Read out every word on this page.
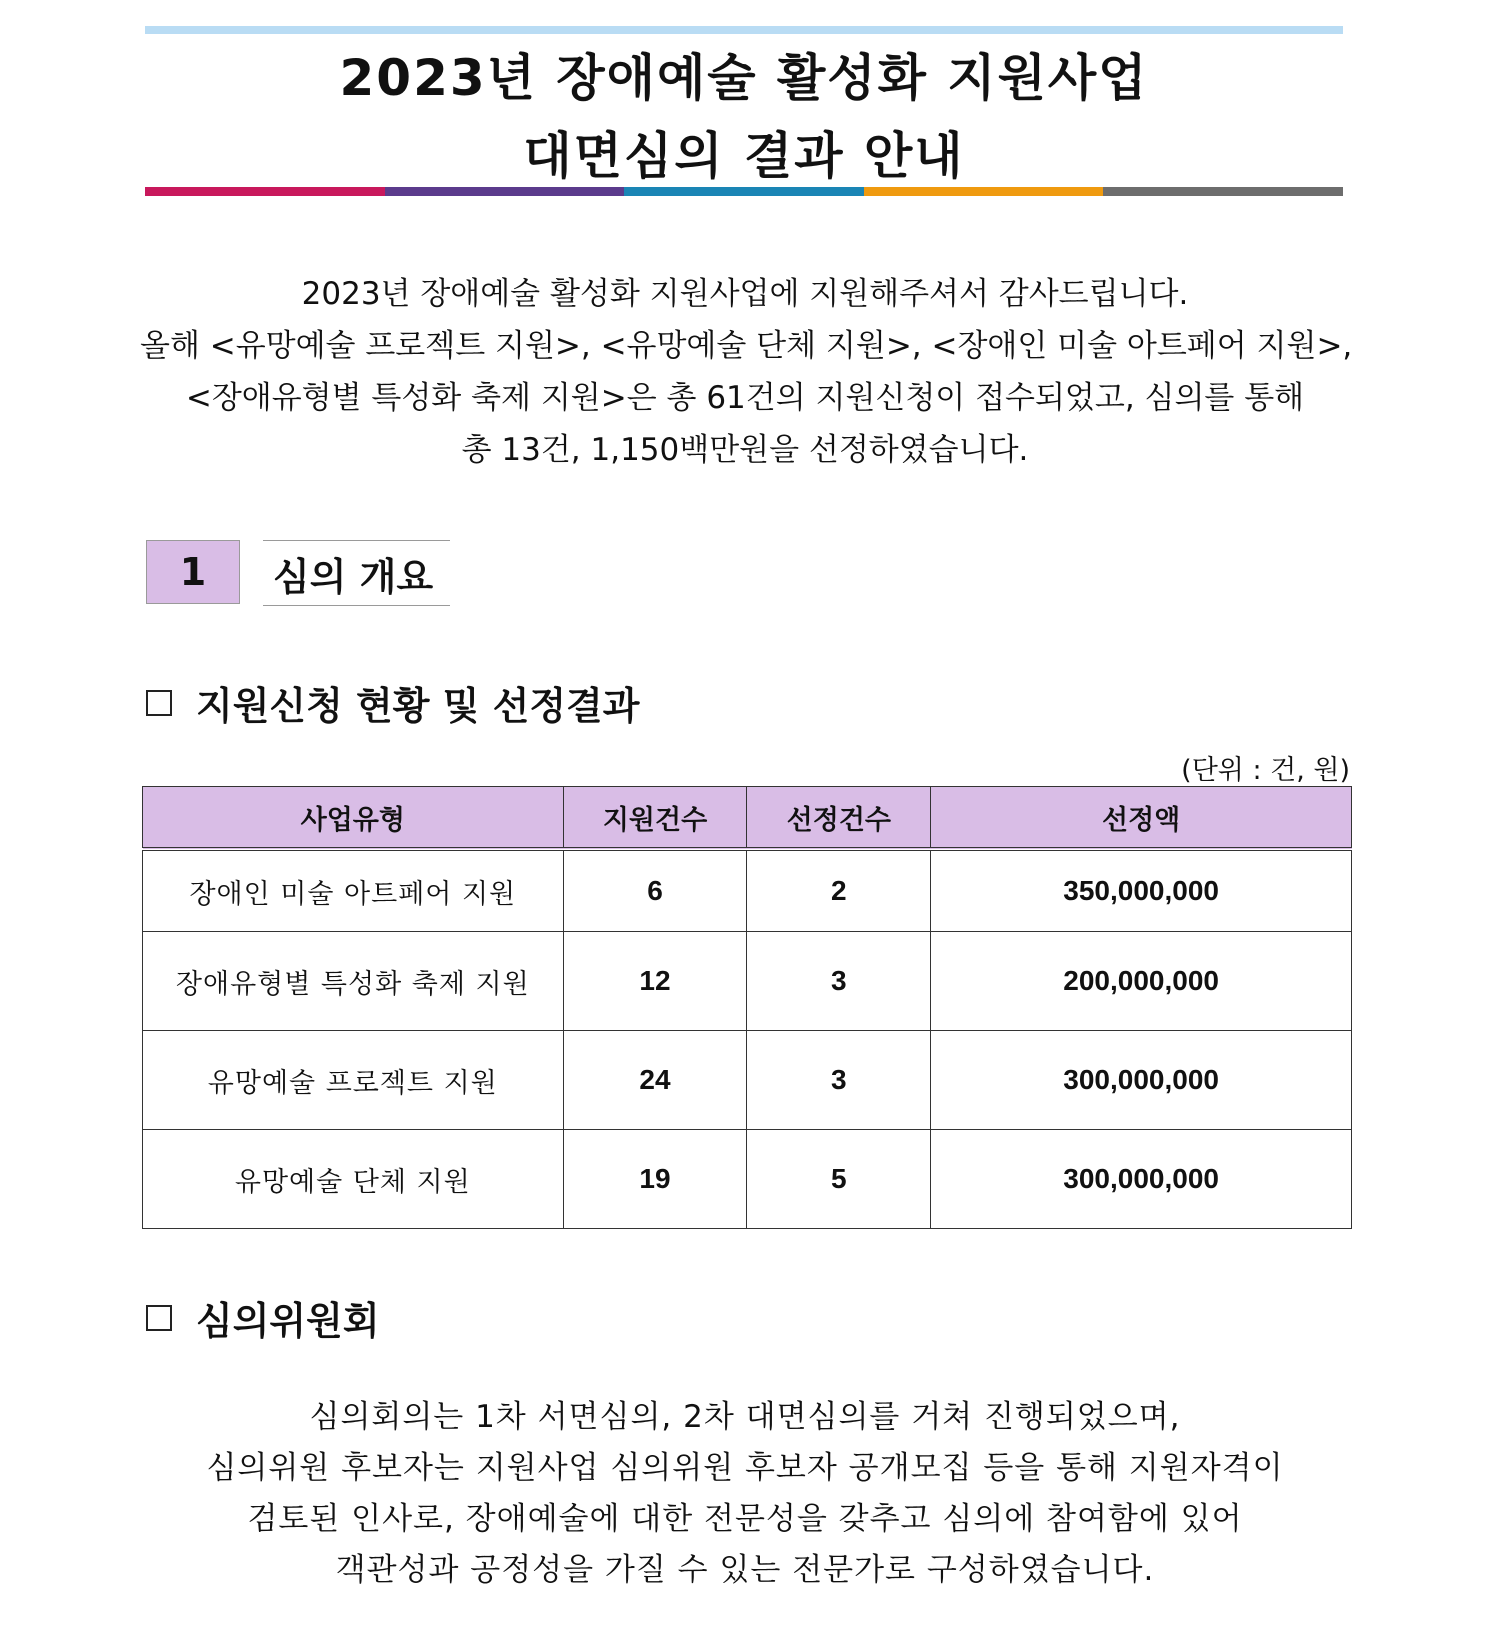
2023년 장애예술 활성화 지원사업
대면심의 결과 안내
2023년 장애예술 활성화 지원사업에 지원해주셔서 감사드립니다.
올해 <유망예술 프로젝트 지원>, <유망예술 단체 지원>, <장애인 미술 아트페어 지원>,
<장애유형별 특성화 축제 지원>은 총 61건의 지원신청이 접수되었고, 심의를 통해
총 13건, 1,150백만원을 선정하였습니다.
1	심의 개요
지원신청 현황 및 선정결과
(단위 : 건, 원)
사업유형	지원건수	선정건수	선정액
장애인 미술 아트페어 지원	6	2	350,000,000
장애유형별 특성화 축제 지원	12	3	200,000,000
유망예술 프로젝트 지원	24	3	300,000,000
유망예술 단체 지원	19	5	300,000,000
심의위원회
심의회의는 1차 서면심의, 2차 대면심의를 거쳐 진행되었으며,
심의위원 후보자는 지원사업 심의위원 후보자 공개모집 등을 통해 지원자격이
검토된 인사로, 장애예술에 대한 전문성을 갖추고 심의에 참여함에 있어
객관성과 공정성을 가질 수 있는 전문가로 구성하였습니다.
